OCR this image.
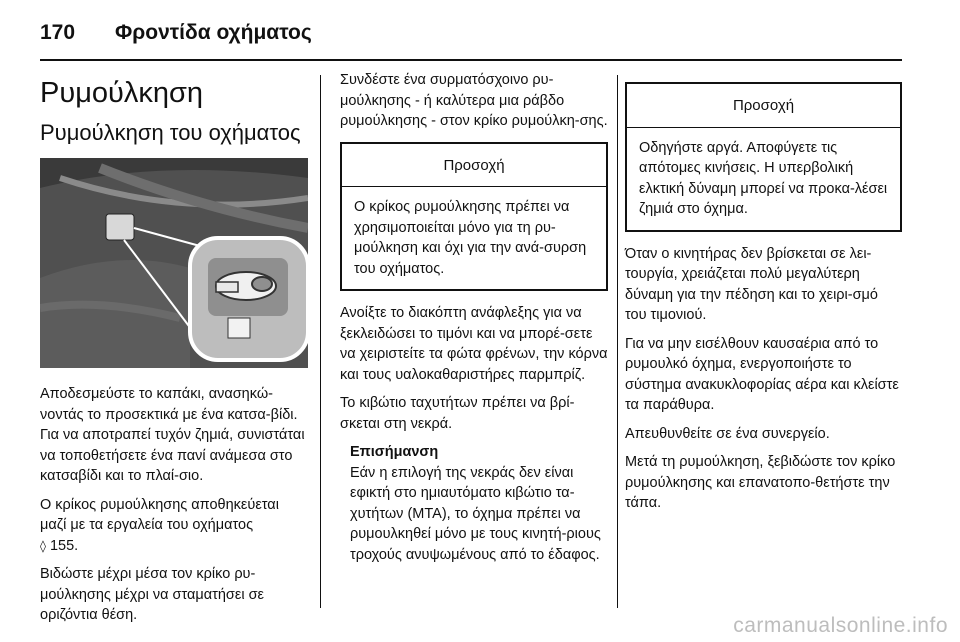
170 Φροντίδα οχήματος
Ρυμούλκηση
Ρυμούλκηση του οχήματος

Αποδεσμεύστε το καπάκι, ανασηκώ-νοντάς το προσεκτικά με ένα κατσα-βίδι. Για να αποτραπεί τυχόν ζημιά, συνιστάται να τοποθετήσετε ένα πανί ανάμεσα στο κατσαβίδι και το πλαί-σιο.

Ο κρίκος ρυμούλκησης αποθηκεύεται μαζί με τα εργαλεία του οχήματος

◊ 155.

Βιδώστε μέχρι μέσα τον κρίκο ρυ-μούλκησης μέχρι να σταματήσει σε οριζόντια θέση.

Συνδέστε ένα συρματόσχοινο ρυ-μούλκησης - ή καλύτερα μια ράβδο ρυμούλκησης - στον κρίκο ρυμούλκη-σης.

Προσοχή
Ο κρίκος ρυμούλκησης πρέπει να χρησιμοποιείται μόνο για τη ρυ-μούλκηση και όχι για την ανά-συρση του οχήματος.

Ανοίξτε το διακόπτη ανάφλεξης για να ξεκλειδώσει το τιμόνι και να μπορέ-σετε να χειριστείτε τα φώτα φρένων, την κόρνα και τους υαλοκαθαριστήρες παρμπρίζ.

Το κιβώτιο ταχυτήτων πρέπει να βρί-σκεται στη νεκρά.

Επισήμανση
Εάν η επιλογή της νεκράς δεν είναι εφικτή στο ημιαυτόματο κιβώτιο τα-χυτήτων (MTA), το όχημα πρέπει να ρυμουλκηθεί μόνο με τους κινητή-ριους τροχούς ανυψωμένους από το έδαφος.
Προσοχή
Οδηγήστε αργά. Αποφύγετε τις απότομες κινήσεις. Η υπερβολική ελκτική δύναμη μπορεί να προκα-λέσει ζημιά στο όχημα.

Όταν ο κινητήρας δεν βρίσκεται σε λει-τουργία, χρειάζεται πολύ μεγαλύτερη δύναμη για την πέδηση και το χειρι-σμό του τιμονιού.

Για να μην εισέλθουν καυσαέρια από το ρυμουλκό όχημα, ενεργοποιήστε το σύστημα ανακυκλοφορίας αέρα και κλείστε τα παράθυρα.

Απευθυνθείτε σε ένα συνεργείο.

Μετά τη ρυμούλκηση, ξεβιδώστε τον κρίκο ρυμούλκησης και επανατοπο-θετήστε την τάπα.

carmanualsonline.info
